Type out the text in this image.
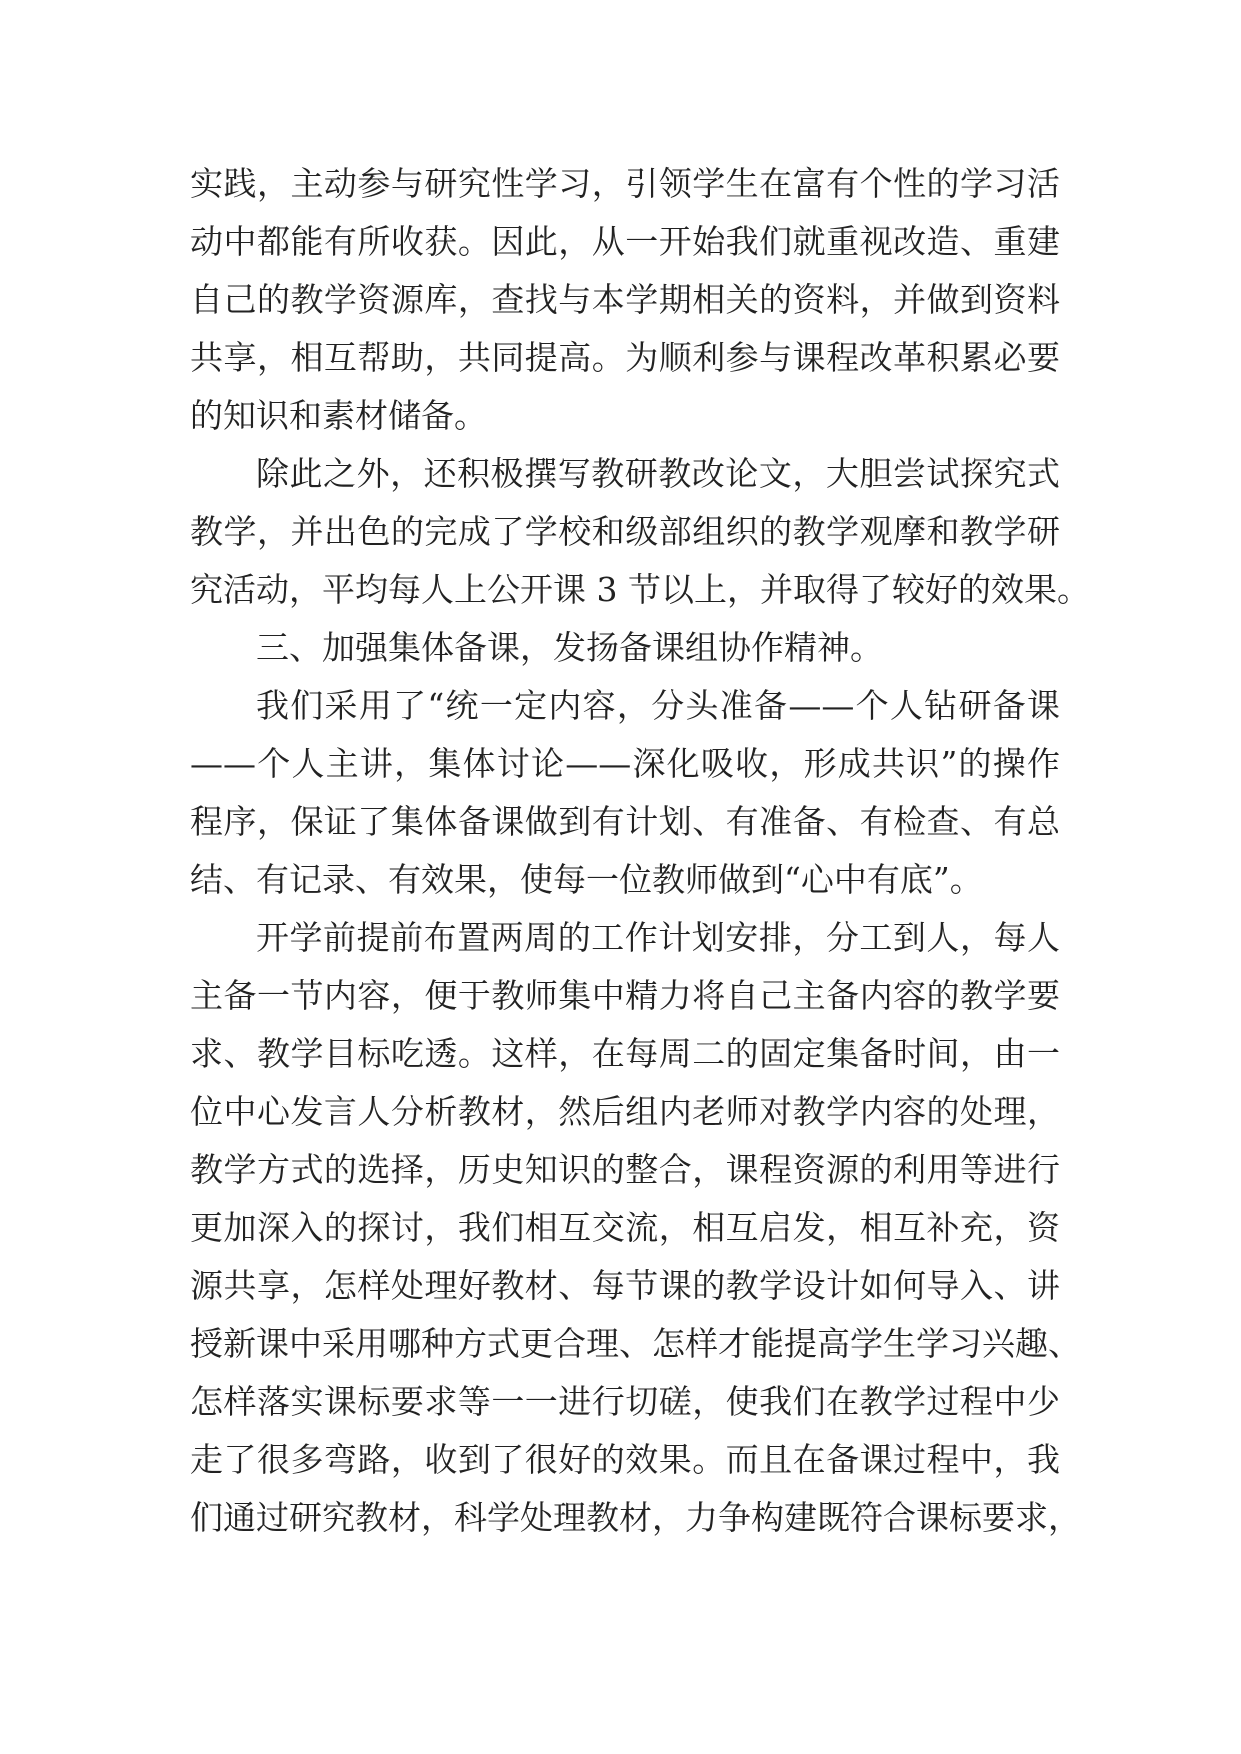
实践，主动参与研究性学习，引领学生在富有个性的学习活
动中都能有所收获。因此，从一开始我们就重视改造、重建
自己的教学资源库，查找与本学期相关的资料，并做到资料
共享，相互帮助，共同提高。为顺利参与课程改革积累必要
的知识和素材储备。
除此之外，还积极撰写教研教改论文，大胆尝试探究式
教学，并出色的完成了学校和级部组织的教学观摩和教学研
究活动，平均每人上公开课 3 节以上，并取得了较好的效果。
三、加强集体备课，发扬备课组协作精神。
我们采用了“统一定内容，分头准备——个人钻研备课
——个人主讲，集体讨论——深化吸收，形成共识”的操作
程序，保证了集体备课做到有计划、有准备、有检查、有总
结、有记录、有效果，使每一位教师做到“心中有底”。
开学前提前布置两周的工作计划安排，分工到人，每人
主备一节内容，便于教师集中精力将自己主备内容的教学要
求、教学目标吃透。这样，在每周二的固定集备时间，由一
位中心发言人分析教材，然后组内老师对教学内容的处理，
教学方式的选择，历史知识的整合，课程资源的利用等进行
更加深入的探讨，我们相互交流，相互启发，相互补充，资
源共享，怎样处理好教材、每节课的教学设计如何导入、讲
授新课中采用哪种方式更合理、怎样才能提高学生学习兴趣、
怎样落实课标要求等一一进行切磋，使我们在教学过程中少
走了很多弯路，收到了很好的效果。而且在备课过程中，我
们通过研究教材，科学处理教材，力争构建既符合课标要求，
